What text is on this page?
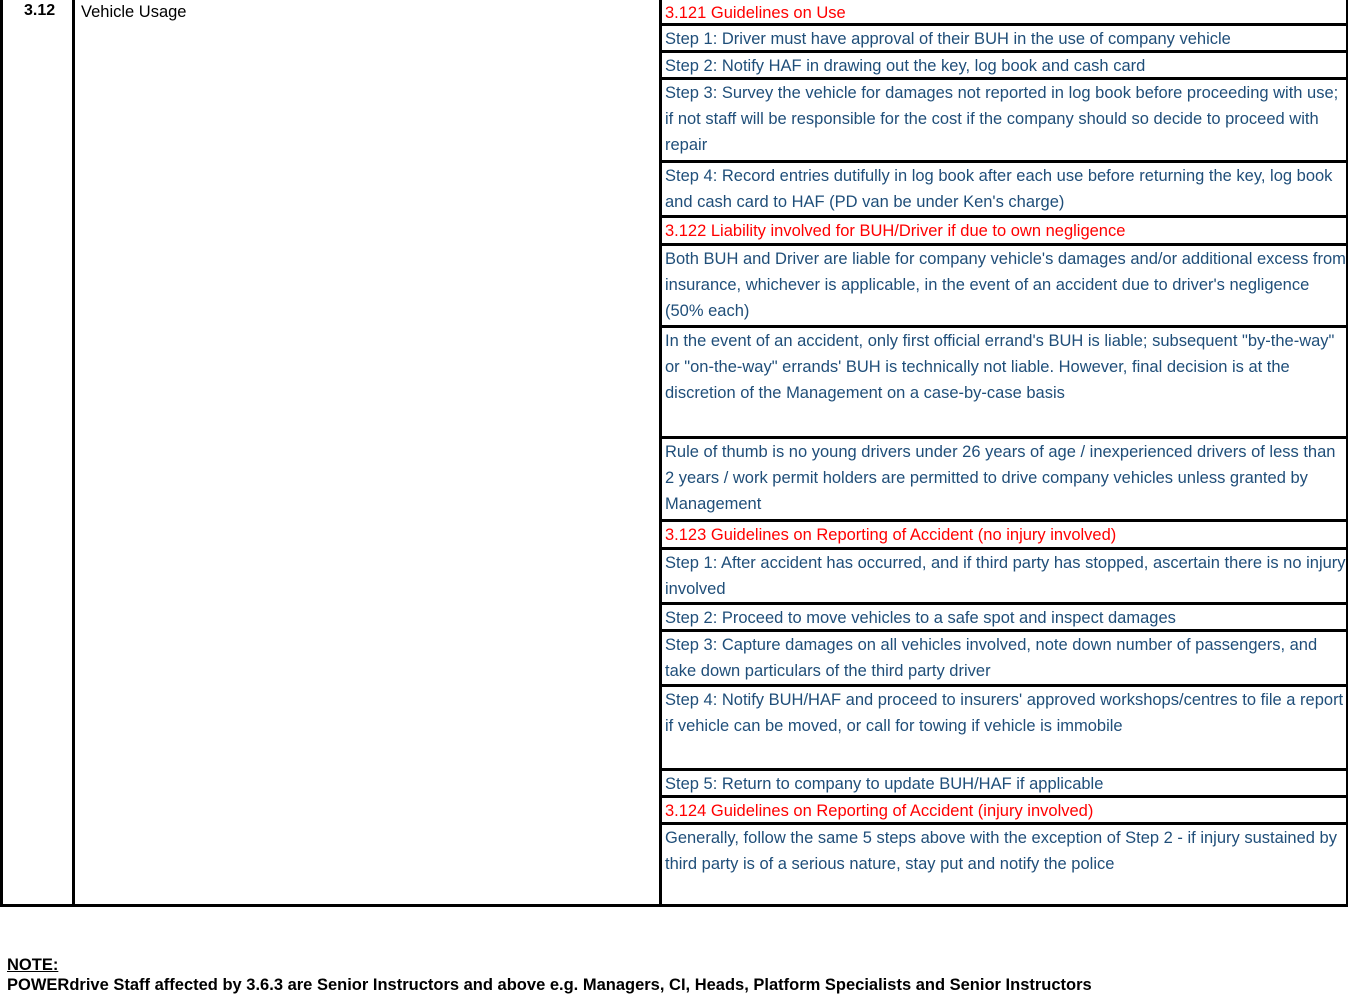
3.12 Vehicle Usage	3.121 Guidelines on Use
Step 1: Driver must have approval of their BUH in the use of company vehicle
Step 2: Notify HAF in drawing out the key, log book and cash card
Step 3: Survey the vehicle for damages not reported in log book before proceeding with use; if not staff will be responsible for the cost if the company should so decide to proceed with repair
Step 4: Record entries dutifully in log book after each use before returning the key, log book and cash card to HAF (PD van be under Ken's charge)
3.122 Liability involved for BUH/Driver if due to own negligence
Both BUH and Driver are liable for company vehicle's damages and/or additional excess from insurance, whichever is applicable, in the event of an accident due to driver's negligence (50% each)
In the event of an accident, only first official errand's BUH is liable; subsequent "by-the-way" or "on-the-way" errands' BUH is technically not liable. However, final decision is at the discretion of the Management on a case-by-case basis
Rule of thumb is no young drivers under 26 years of age / inexperienced drivers of less than 2 years / work permit holders are permitted to drive company vehicles unless granted by Management
3.123 Guidelines on Reporting of Accident (no injury involved)
Step 1: After accident has occurred, and if third party has stopped, ascertain there is no injury involved
Step 2: Proceed to move vehicles to a safe spot and inspect damages
Step 3: Capture damages on all vehicles involved, note down number of passengers, and take down particulars of the third party driver
Step 4: Notify BUH/HAF and proceed to insurers' approved workshops/centres to file a report if vehicle can be moved, or call for towing if vehicle is immobile
Step 5: Return to company to update BUH/HAF if applicable
3.124 Guidelines on Reporting of Accident (injury involved)
Generally, follow the same 5 steps above with the exception of Step 2 - if injury sustained by third party is of a serious nature, stay put and notify the police
NOTE:
POWERdrive Staff affected by 3.6.3 are Senior Instructors and above e.g. Managers, CI, Heads, Platform Specialists and Senior Instructors
